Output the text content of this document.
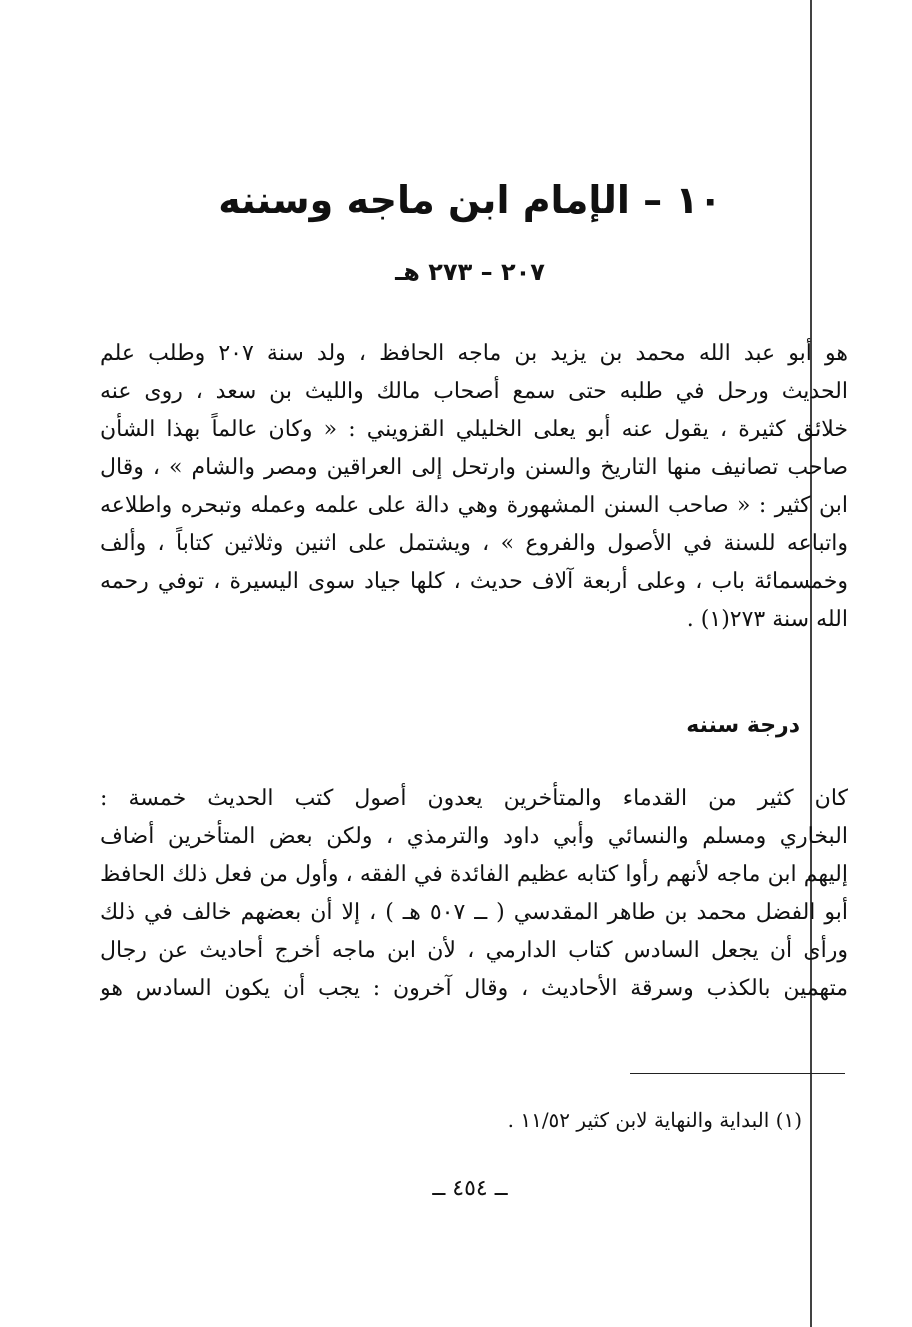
١٠ – الإمام ابن ماجه وسننه
٢٠٧ – ٢٧٣ هـ
هو أبو عبد الله محمد بن يزيد بن ماجه الحافظ ، ولد سنة ٢٠٧ وطلب علم
الحديث ورحل في طلبه حتى سمع أصحاب مالك والليث بن سعد ، روى عنه
خلائق كثيرة ، يقول عنه أبو يعلى الخليلي القزويني : « وكان عالماً بهذا الشأن
صاحب تصانيف منها التاريخ والسنن وارتحل إلى العراقين ومصر والشام » ، وقال
ابن كثير : « صاحب السنن المشهورة وهي دالة على علمه وعمله وتبحره واطلاعه
واتباعه للسنة في الأصول والفروع » ، ويشتمل على اثنين وثلاثين كتاباً ، وألف
وخمسمائة باب ، وعلى أربعة آلاف حديث ، كلها جياد سوى اليسيرة ، توفي رحمه
الله سنة ٢٧٣(١) .
درجة سننه
كان كثير من القدماء والمتأخرين يعدون أصول كتب الحديث خمسة :
البخاري ومسلم والنسائي وأبي داود والترمذي ، ولكن بعض المتأخرين أضاف
إليهم ابن ماجه لأنهم رأوا كتابه عظيم الفائدة في الفقه ، وأول من فعل ذلك الحافظ
أبو الفضل محمد بن طاهر المقدسي ( ــ ٥٠٧ هـ ) ، إلا أن بعضهم خالف في ذلك
ورأى أن يجعل السادس كتاب الدارمي ، لأن ابن ماجه أخرج أحاديث عن رجال
متهمين بالكذب وسرقة الأحاديث ، وقال آخرون : يجب أن يكون السادس هو
(١) البداية والنهاية لابن كثير ١١/٥٢ .
ــ ٤٥٤ ــ
